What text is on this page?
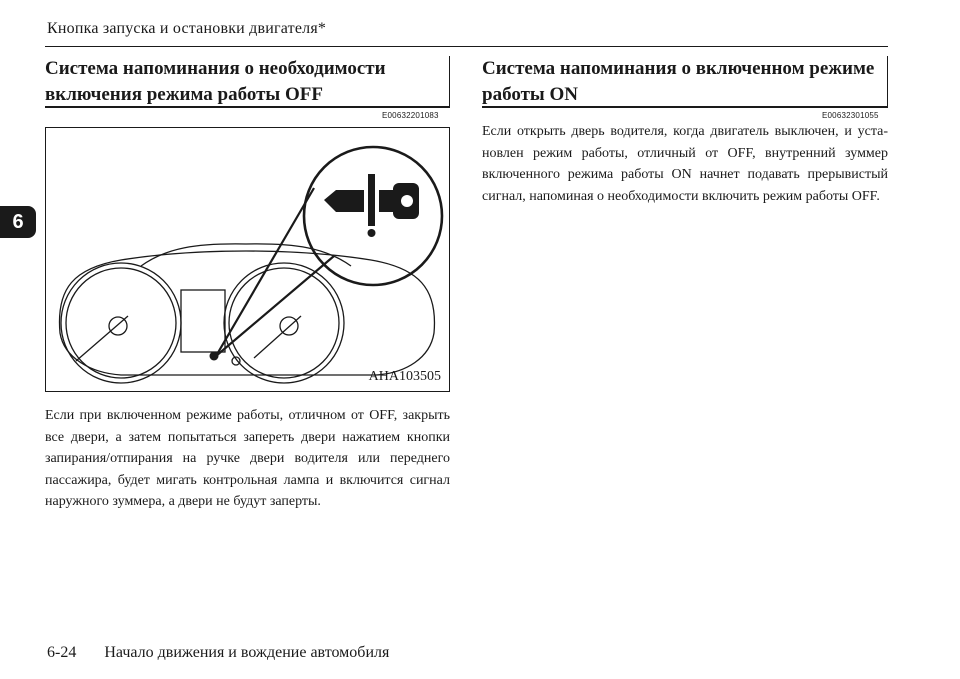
Кнопка запуска и остановки двигателя*
6
Система напоминания о необходимости
включения режима работы OFF
E00632201083
AHA103505
Если при включенном режиме работы, отличном от OFF, закрыть все двери, а затем попытаться запереть двери нажатием кнопки запирания/отпирания на ручке двери водителя или переднего пассажира, будет мигать контрольная лампа и включится сигнал наружного зуммера, а двери не будут заперты.
Система напоминания о включенном режиме
работы ON
E00632301055
Если открыть дверь водителя, когда двигатель выключен, и установлен режим работы, отличный от OFF, внутренний зуммер включенного режима работы ON начнет подавать прерывистый сигнал, напоминая о необходимости включить режим работы OFF.
6-24 Начало движения и вождение автомобиля
